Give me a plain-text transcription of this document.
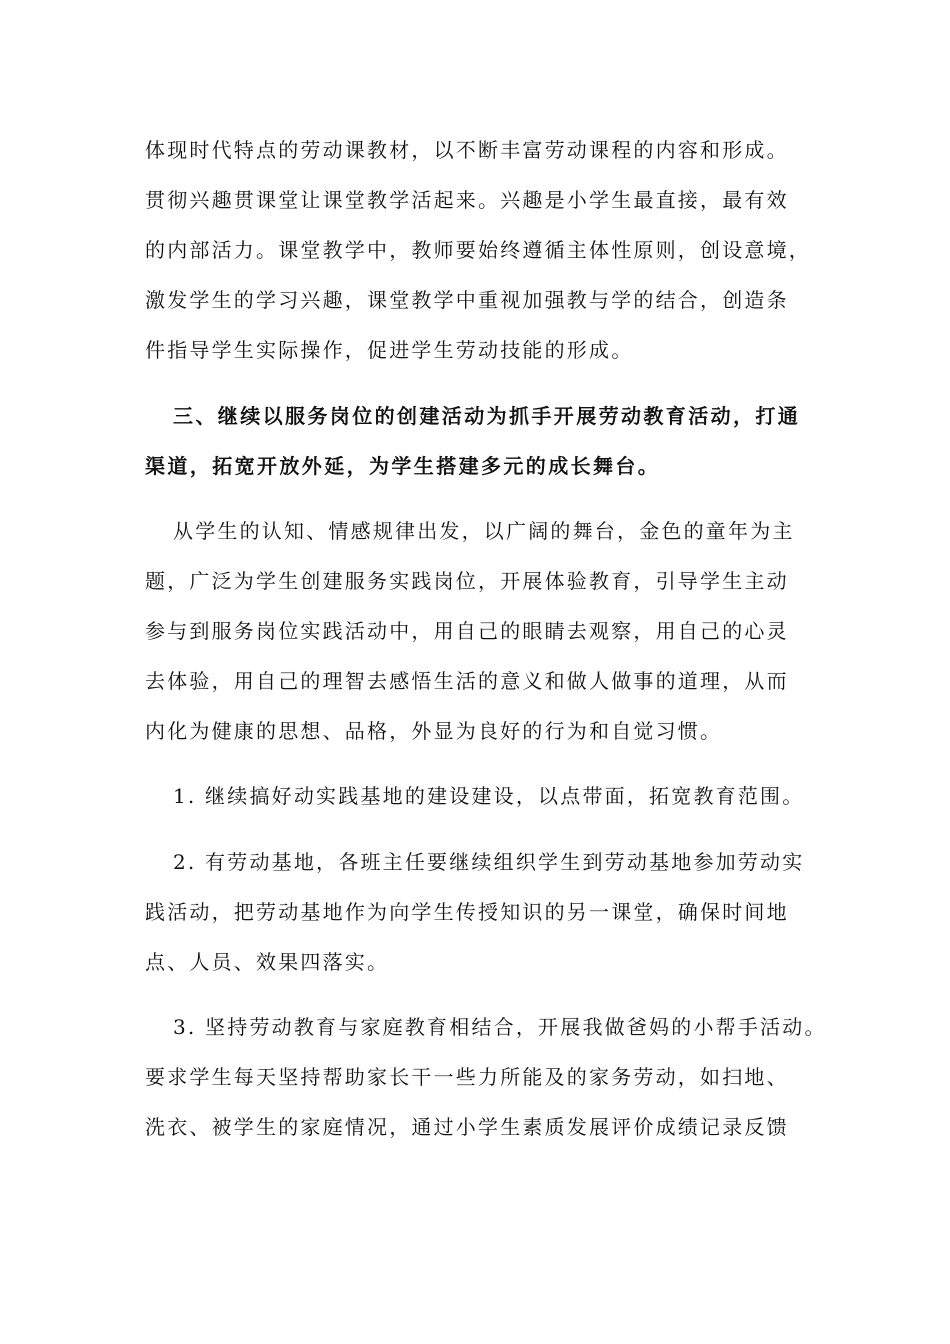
体现时代特点的劳动课教材，以不断丰富劳动课程的内容和形成。
贯彻兴趣贯课堂让课堂教学活起来。兴趣是小学生最直接，最有效
的内部活力。课堂教学中，教师要始终遵循主体性原则，创设意境，
激发学生的学习兴趣，课堂教学中重视加强教与学的结合，创造条
件指导学生实际操作，促进学生劳动技能的形成。
三、继续以服务岗位的创建活动为抓手开展劳动教育活动，打通
渠道，拓宽开放外延，为学生搭建多元的成长舞台。
从学生的认知、情感规律出发，以广阔的舞台，金色的童年为主
题，广泛为学生创建服务实践岗位，开展体验教育，引导学生主动
参与到服务岗位实践活动中，用自己的眼睛去观察，用自己的心灵
去体验，用自己的理智去感悟生活的意义和做人做事的道理，从而
内化为健康的思想、品格，外显为良好的行为和自觉习惯。
1. 继续搞好动实践基地的建设建设，以点带面，拓宽教育范围。
2. 有劳动基地，各班主任要继续组织学生到劳动基地参加劳动实
践活动，把劳动基地作为向学生传授知识的另一课堂，确保时间地
点、人员、效果四落实。
3. 坚持劳动教育与家庭教育相结合，开展我做爸妈的小帮手活动。
要求学生每天坚持帮助家长干一些力所能及的家务劳动，如扫地、
洗衣、被学生的家庭情况，通过小学生素质发展评价成绩记录反馈
